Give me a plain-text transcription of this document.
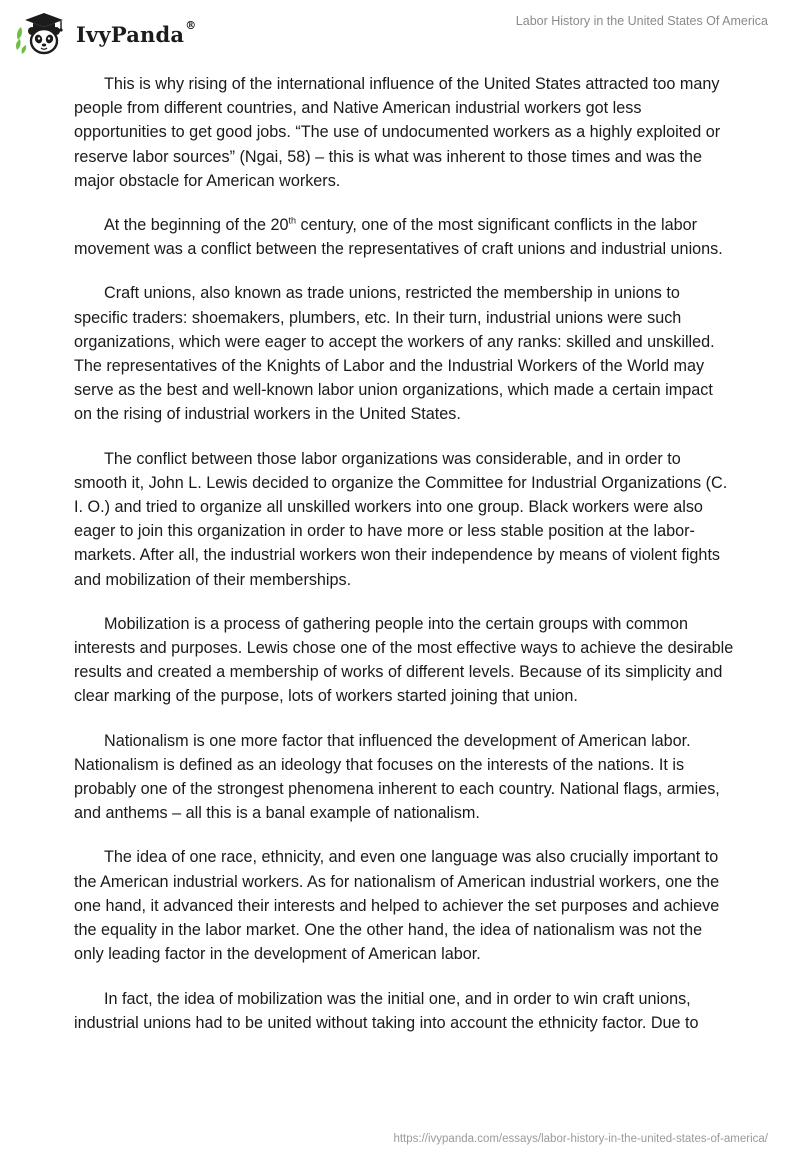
IvyPanda®	Labor History in the United States Of America

This is why rising of the international influence of the United States attracted too many people from different countries, and Native American industrial workers got less opportunities to get good jobs. “The use of undocumented workers as a highly exploited or reserve labor sources” (Ngai, 58) – this is what was inherent to those times and was the major obstacle for American workers.

At the beginning of the 20th century, one of the most significant conflicts in the labor movement was a conflict between the representatives of craft unions and industrial unions.

Craft unions, also known as trade unions, restricted the membership in unions to specific traders: shoemakers, plumbers, etc. In their turn, industrial unions were such organizations, which were eager to accept the workers of any ranks: skilled and unskilled. The representatives of the Knights of Labor and the Industrial Workers of the World may serve as the best and well-known labor union organizations, which made a certain impact on the rising of industrial workers in the United States.

The conflict between those labor organizations was considerable, and in order to smooth it, John L. Lewis decided to organize the Committee for Industrial Organizations (C. I. O.) and tried to organize all unskilled workers into one group. Black workers were also eager to join this organization in order to have more or less stable position at the labor-markets. After all, the industrial workers won their independence by means of violent fights and mobilization of their memberships.

Mobilization is a process of gathering people into the certain groups with common interests and purposes. Lewis chose one of the most effective ways to achieve the desirable results and created a membership of works of different levels. Because of its simplicity and clear marking of the purpose, lots of workers started joining that union.

Nationalism is one more factor that influenced the development of American labor. Nationalism is defined as an ideology that focuses on the interests of the nations. It is probably one of the strongest phenomena inherent to each country. National flags, armies, and anthems – all this is a banal example of nationalism.

The idea of one race, ethnicity, and even one language was also crucially important to the American industrial workers. As for nationalism of American industrial workers, one the one hand, it advanced their interests and helped to achiever the set purposes and achieve the equality in the labor market. One the other hand, the idea of nationalism was not the only leading factor in the development of American labor.

In fact, the idea of mobilization was the initial one, and in order to win craft unions, industrial unions had to be united without taking into account the ethnicity factor. Due to

https://ivypanda.com/essays/labor-history-in-the-united-states-of-america/
